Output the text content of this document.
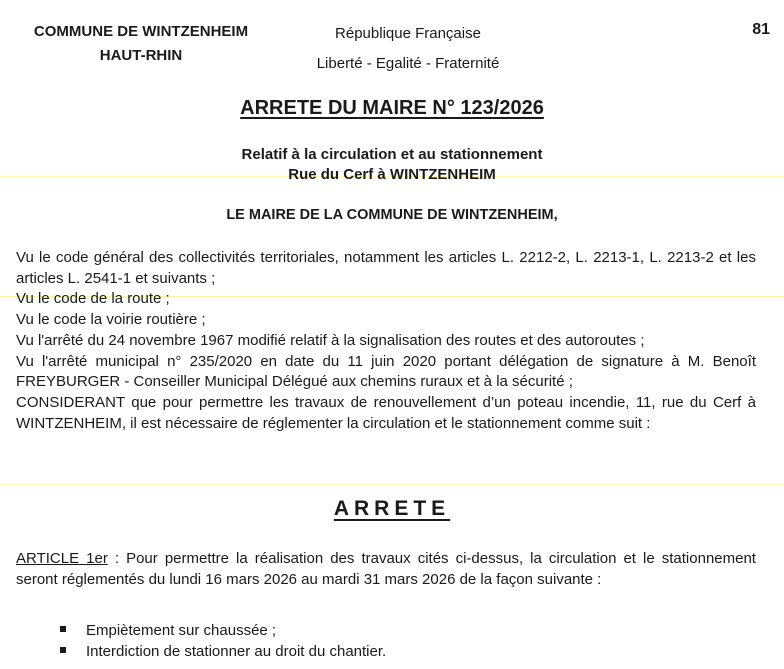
COMMUNE DE WINTZENHEIM
HAUT-RHIN
République Française
Liberté - Egalité - Fraternité
81
ARRETE DU MAIRE N° 123/2026
Relatif à la circulation et au stationnement
Rue du Cerf à WINTZENHEIM
LE MAIRE DE LA COMMUNE DE WINTZENHEIM,
Vu le code général des collectivités territoriales, notamment les articles L. 2212-2, L. 2213-1, L. 2213-2 et les articles L. 2541-1 et suivants ;
Vu le code de la route ;
Vu le code la voirie routière ;
Vu l'arrêté du 24 novembre 1967 modifié relatif à la signalisation des routes et des autoroutes ;
Vu l'arrêté municipal n° 235/2020 en date du 11 juin 2020 portant délégation de signature à M. Benoît FREYBURGER - Conseiller Municipal Délégué aux chemins ruraux et à la sécurité ;
CONSIDERANT que pour permettre les travaux de renouvellement d’un poteau incendie, 11, rue du Cerf à WINTZENHEIM, il est nécessaire de réglementer la circulation et le stationnement comme suit :
ARRETE
ARTICLE 1er : Pour permettre la réalisation des travaux cités ci-dessus, la circulation et le stationnement seront réglementés du lundi 16 mars 2026 au mardi 31 mars 2026 de la façon suivante :
Empiètement sur chaussée ;
Interdiction de stationner au droit du chantier.
